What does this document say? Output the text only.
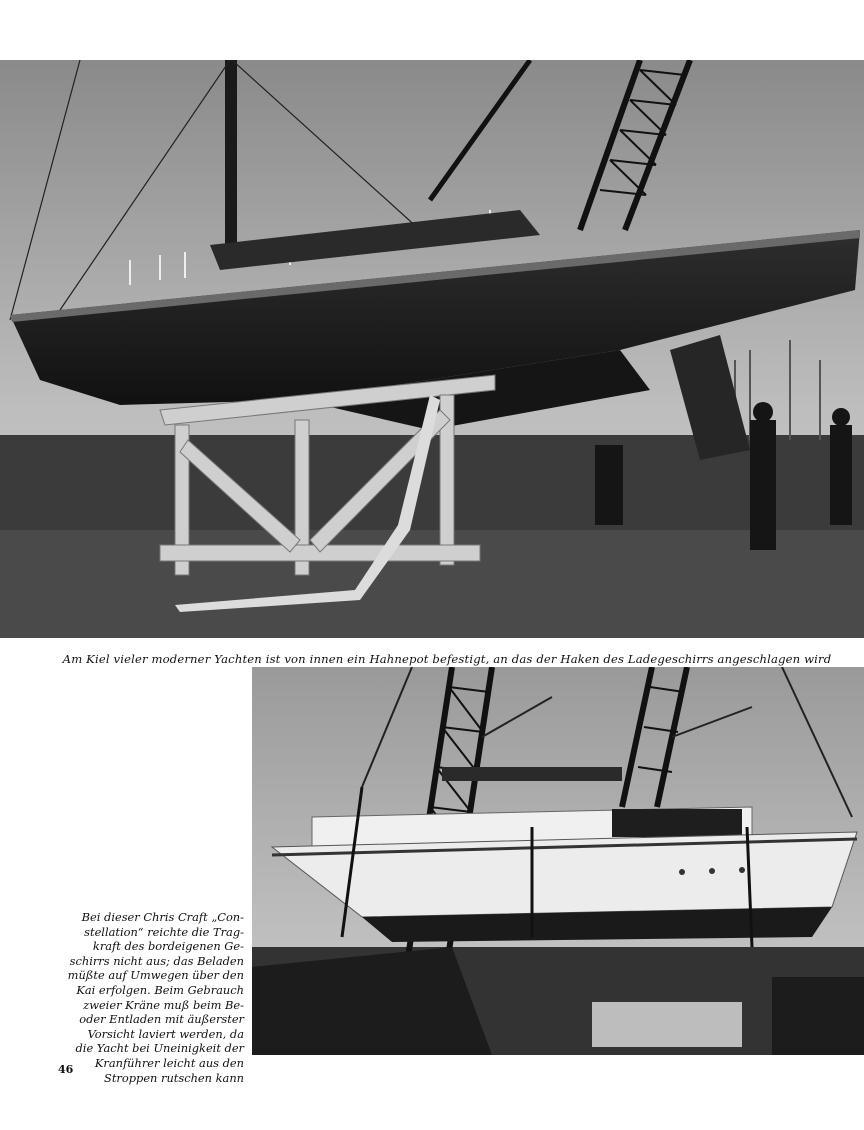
Am Kiel vieler moderner Yachten ist von innen ein Hahnepot befestigt, an das der Haken des Ladegeschirrs angeschlagen wird

Bei dieser Chris Craft „Con-
stellation“ reichte die Trag-
kraft des bordeigenen Ge-
schirrs nicht aus; das Beladen
müßte auf Umwegen über den
Kai erfolgen. Beim Gebrauch
zweier Kräne muß beim Be-
oder Entladen mit äußerster
Vorsicht laviert werden, da
die Yacht bei Uneinigkeit der
Kranführer leicht aus den
Stroppen rutschen kann
46
